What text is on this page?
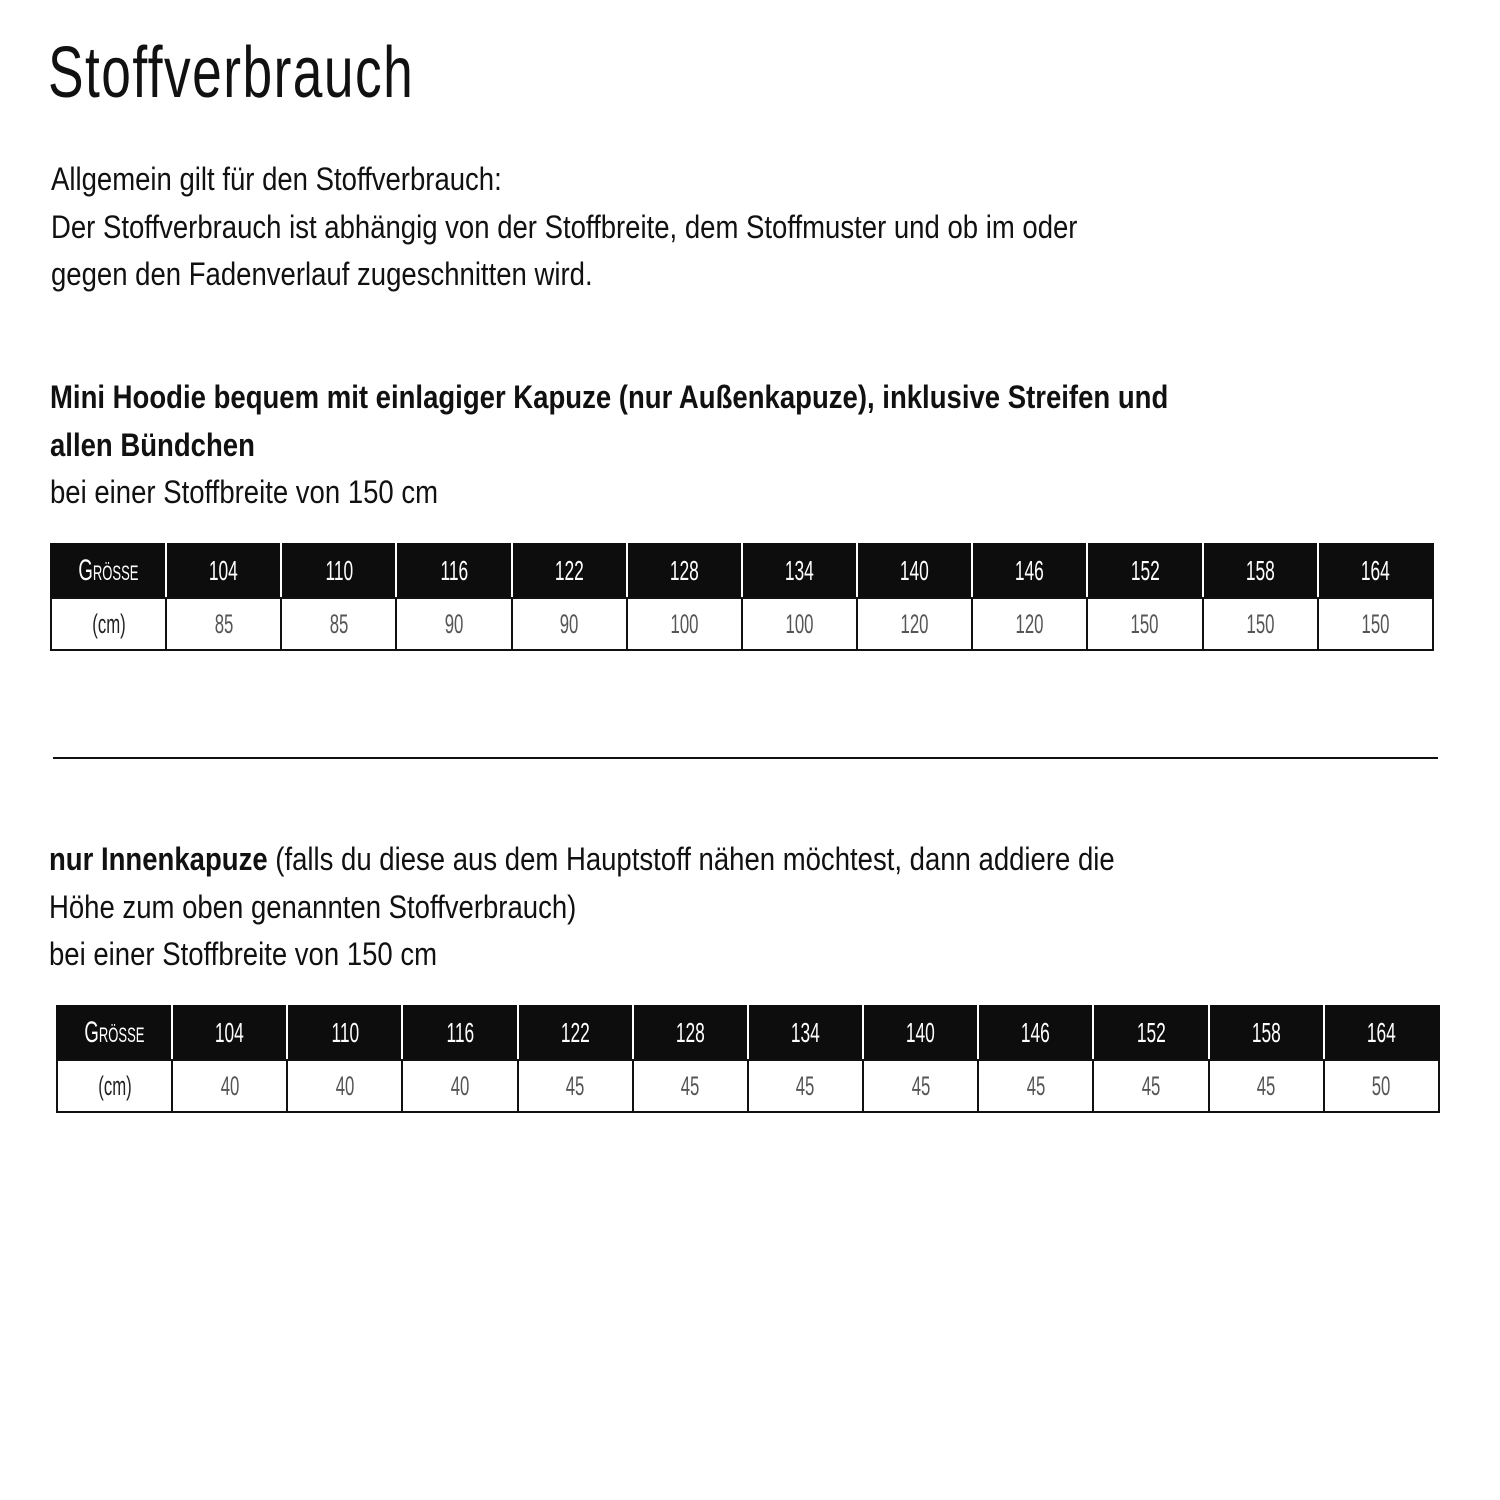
Stoffverbrauch
Allgemein gilt für den Stoffverbrauch:
Der Stoffverbrauch ist abhängig von der Stoffbreite, dem Stoffmuster und ob im oder
gegen den Fadenverlauf zugeschnitten wird.
Mini Hoodie bequem mit einlagiger Kapuze (nur Außenkapuze), inklusive Streifen und
allen Bündchen
bei einer Stoffbreite von 150 cm
Größe	104	110	116	122	128	134	140	146	152	158	164
(cm)	85	85	90	90	100	100	120	120	150	150	150
nur Innenkapuze (falls du diese aus dem Hauptstoff nähen möchtest, dann addiere die
Höhe zum oben genannten Stoffverbrauch)
bei einer Stoffbreite von 150 cm
Größe	104	110	116	122	128	134	140	146	152	158	164
(cm)	40	40	40	45	45	45	45	45	45	45	50
